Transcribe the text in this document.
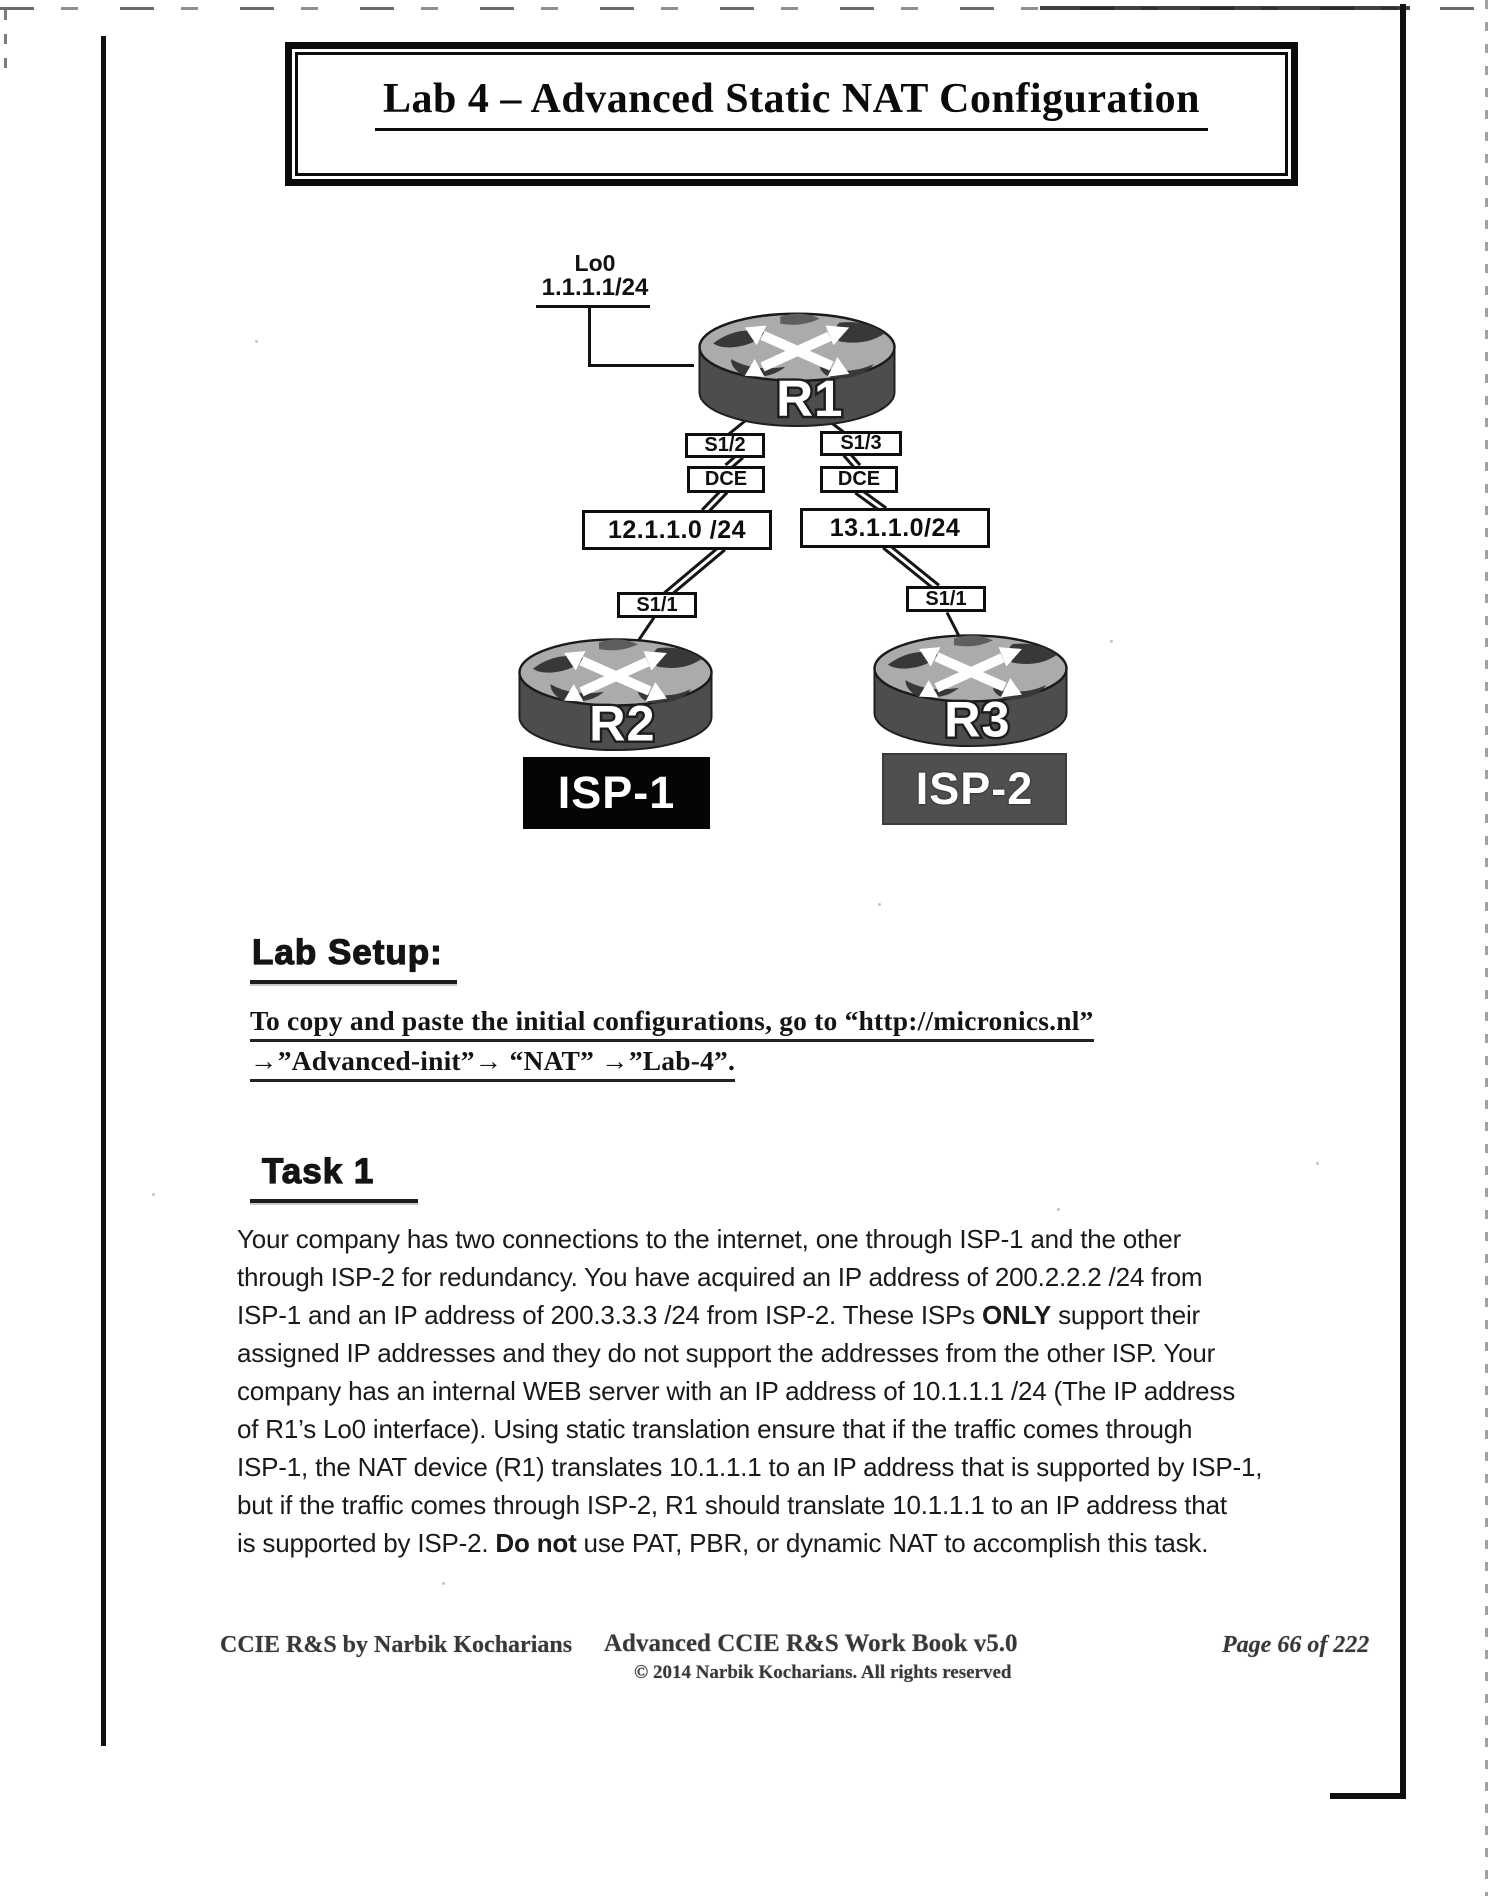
Lab 4 – Advanced Static NAT Configuration
Lo0
1.1.1.1/24
R1
R2	R3
S1/2	S1/3
DCE	DCE
12.1.1.0 /24	13.1.1.0/24
S1/1	S1/1
ISP-1	ISP-2
Lab Setup:
To copy and paste the initial configurations, go to “http://micronics.nl”
→”Advanced-init”→ “NAT” →”Lab-4”.
Task 1
Your company has two connections to the internet, one through ISP-1 and the other
through ISP-2 for redundancy. You have acquired an IP address of 200.2.2.2 /24 from
ISP-1 and an IP address of 200.3.3.3 /24 from ISP-2. These ISPs ONLY support their
assigned IP addresses and they do not support the addresses from the other ISP. Your
company has an internal WEB server with an IP address of 10.1.1.1 /24 (The IP address
of R1’s Lo0 interface). Using static translation ensure that if the traffic comes through
ISP-1, the NAT device (R1) translates 10.1.1.1 to an IP address that is supported by ISP-1,
but if the traffic comes through ISP-2, R1 should translate 10.1.1.1 to an IP address that
is supported by ISP-2. Do not use PAT, PBR, or dynamic NAT to accomplish this task.
CCIE R&S by Narbik Kocharians Advanced CCIE R&S Work Book v5.0
© 2014 Narbik Kocharians. All rights reserved
Page 66 of 222
